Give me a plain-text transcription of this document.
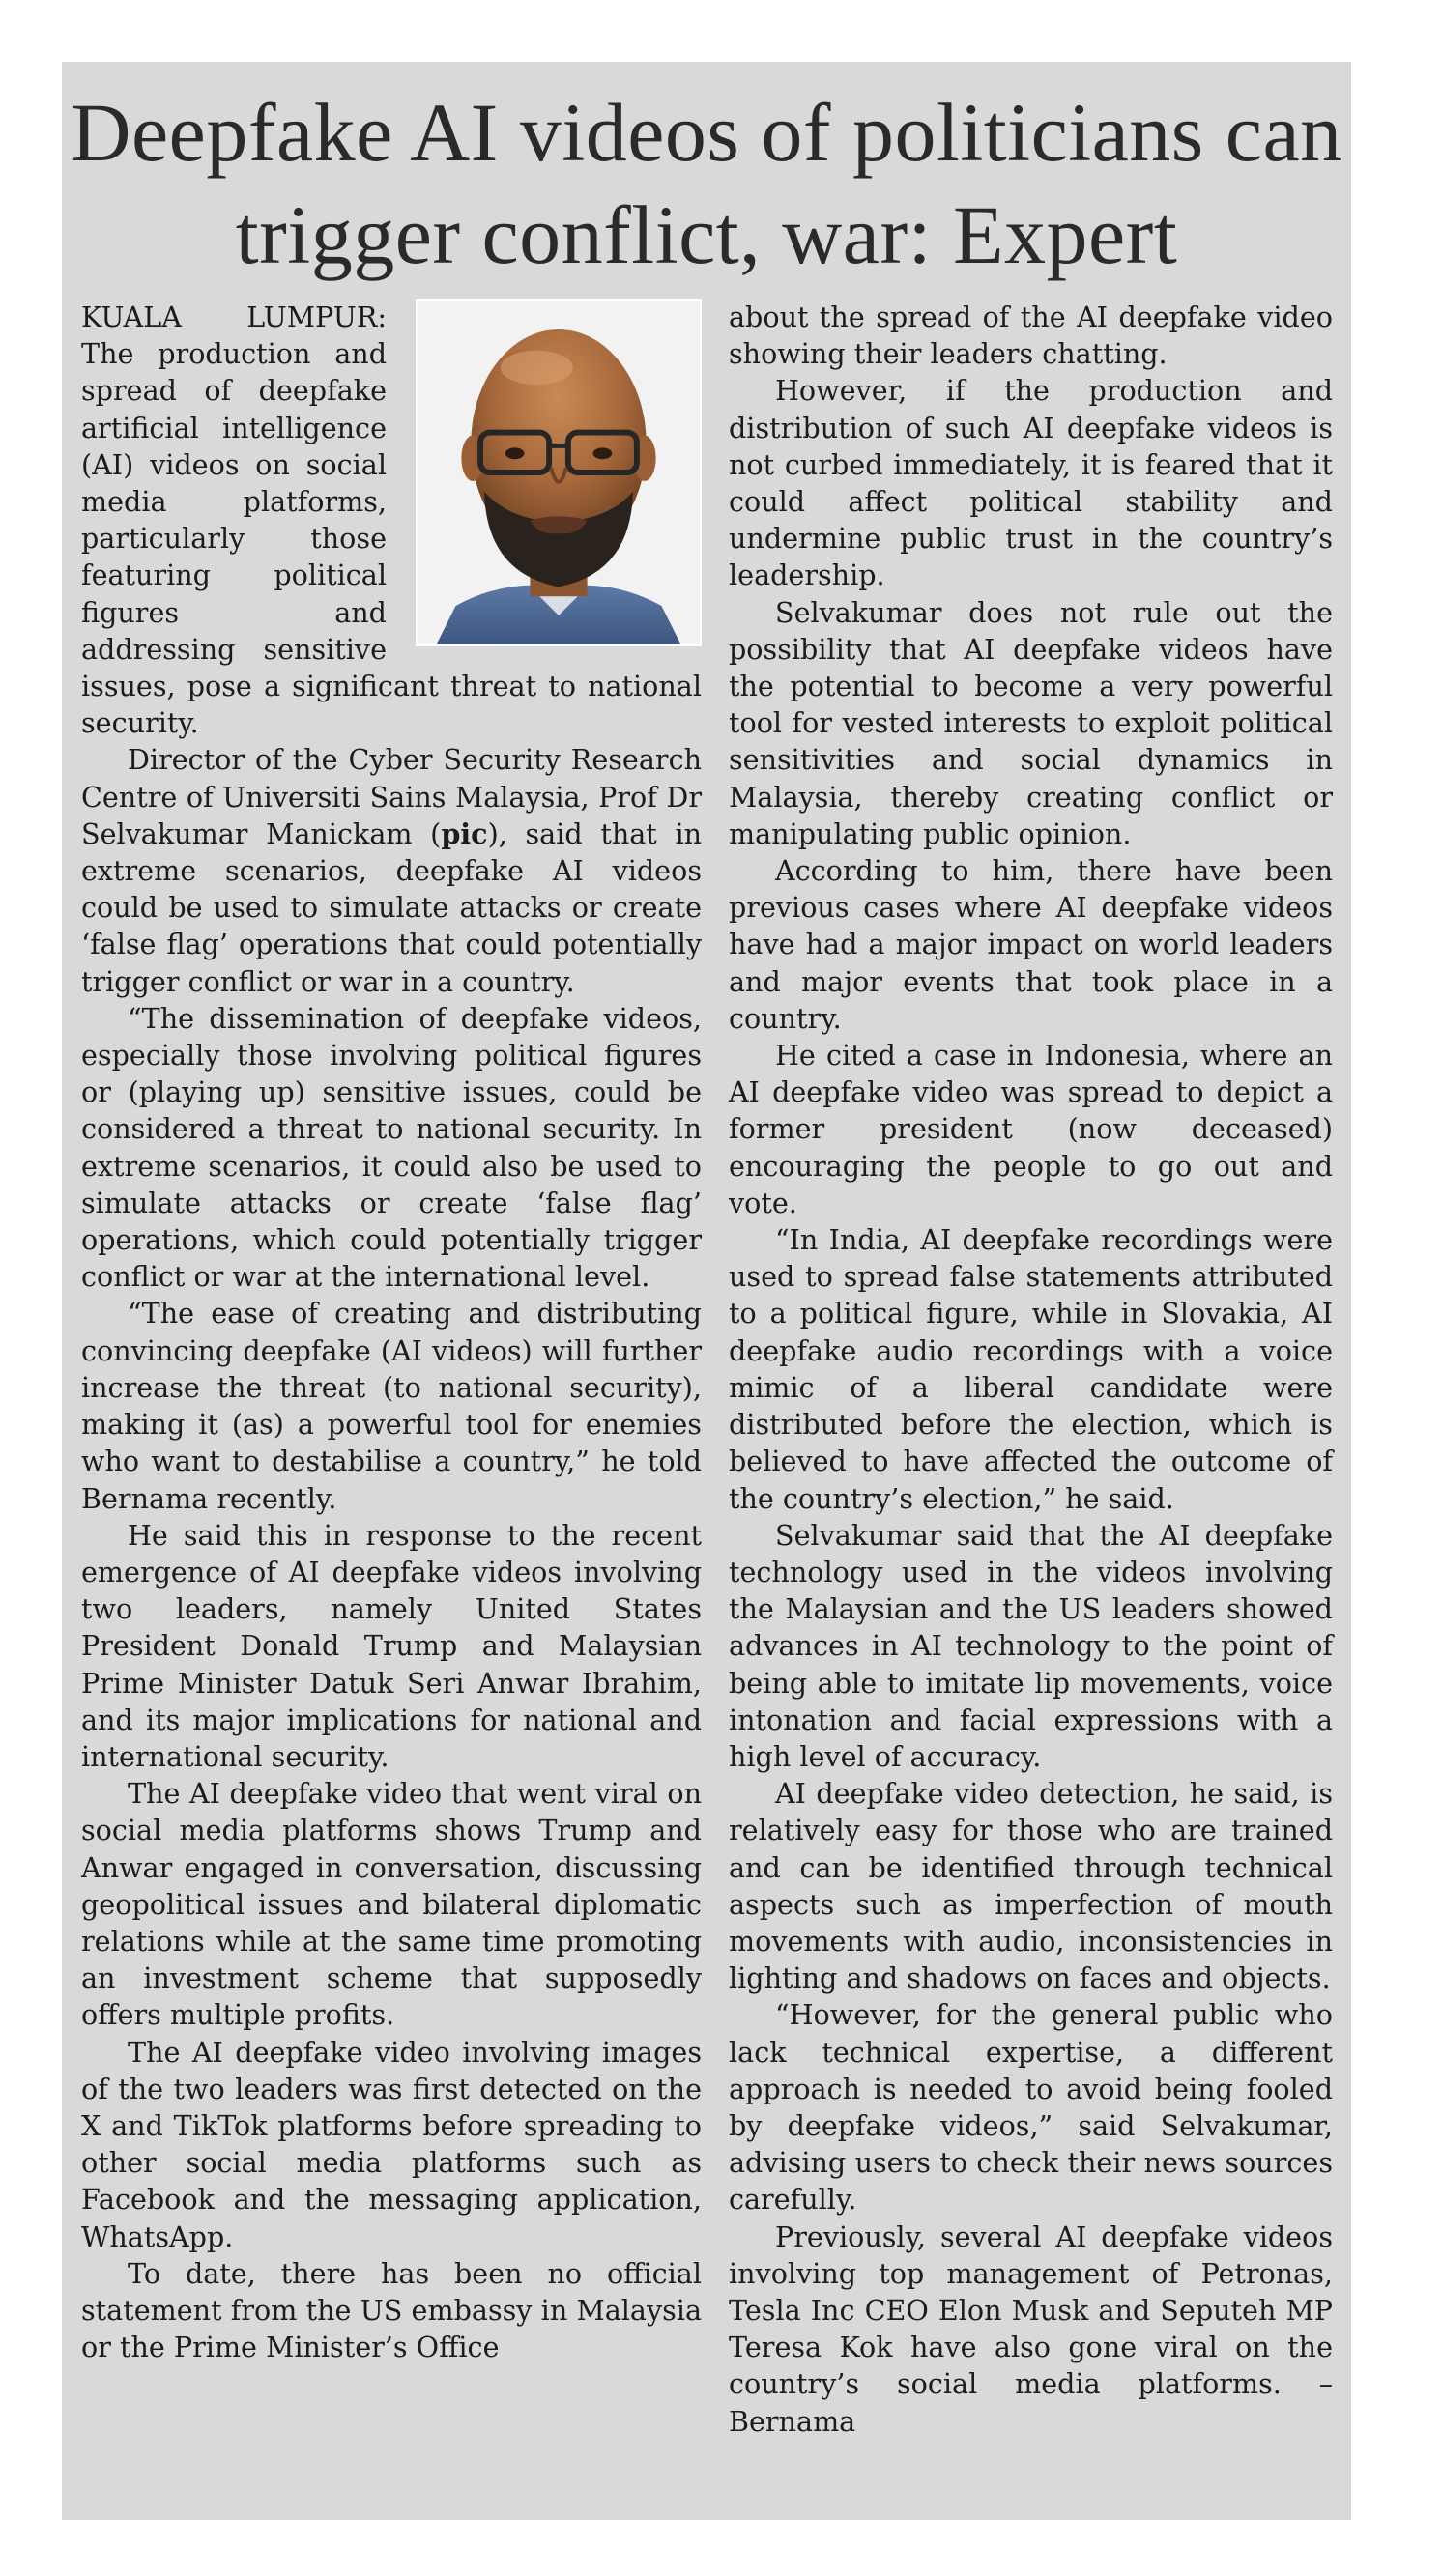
Deepfake AI videos of politicians can trigger conflict, war: Expert

KUALA LUMPUR: The production and spread of deepfake artificial intelligence (AI) videos on social media platforms, particularly those featuring political figures and addressing sensitive issues, pose a significant threat to national security.

Director of the Cyber Security Research Centre of Universiti Sains Malaysia, Prof Dr Selvakumar Manickam (pic), said that in extreme scenarios, deepfake AI videos could be used to simulate attacks or create ‘false flag’ operations that could potentially trigger conflict or war in a country.

“The dissemination of deepfake videos, especially those involving political figures or (playing up) sensitive issues, could be considered a threat to national security. In extreme scenarios, it could also be used to simulate attacks or create ‘false flag’ operations, which could potentially trigger conflict or war at the international level.

“The ease of creating and distributing convincing deepfake (AI videos) will further increase the threat (to national security), making it (as) a powerful tool for enemies who want to destabilise a country,” he told Bernama recently.

He said this in response to the recent emergence of AI deepfake videos involving two leaders, namely United States President Donald Trump and Malaysian Prime Minister Datuk Seri Anwar Ibrahim, and its major implications for national and international security.

The AI deepfake video that went viral on social media platforms shows Trump and Anwar engaged in conversation, discussing geopolitical issues and bilateral diplomatic relations while at the same time promoting an investment scheme that supposedly offers multiple profits.

The AI deepfake video involving images of the two leaders was first detected on the X and TikTok platforms before spreading to other social media platforms such as Facebook and the messaging application, WhatsApp.

To date, there has been no official statement from the US embassy in Malaysia or the Prime Minister’s Office

about the spread of the AI deepfake video showing their leaders chatting.

However, if the production and distribution of such AI deepfake videos is not curbed immediately, it is feared that it could affect political stability and undermine public trust in the country’s leadership.

Selvakumar does not rule out the possibility that AI deepfake videos have the potential to become a very powerful tool for vested interests to exploit political sensitivities and social dynamics in Malaysia, thereby creating conflict or manipulating public opinion.

According to him, there have been previous cases where AI deepfake videos have had a major impact on world leaders and major events that took place in a country.

He cited a case in Indonesia, where an AI deepfake video was spread to depict a former president (now deceased) encouraging the people to go out and vote.

“In India, AI deepfake recordings were used to spread false statements attributed to a political figure, while in Slovakia, AI deepfake audio recordings with a voice mimic of a liberal candidate were distributed before the election, which is believed to have affected the outcome of the country’s election,” he said.

Selvakumar said that the AI deepfake technology used in the videos involving the Malaysian and the US leaders showed advances in AI technology to the point of being able to imitate lip movements, voice intonation and facial expressions with a high level of accuracy.

AI deepfake video detection, he said, is relatively easy for those who are trained and can be identified through technical aspects such as imperfection of mouth movements with audio, inconsistencies in lighting and shadows on faces and objects.

“However, for the general public who lack technical expertise, a different approach is needed to avoid being fooled by deepfake videos,” said Selvakumar, advising users to check their news sources carefully.

Previously, several AI deepfake videos involving top management of Petronas, Tesla Inc CEO Elon Musk and Seputeh MP Teresa Kok have also gone viral on the country’s social media platforms. – Bernama
